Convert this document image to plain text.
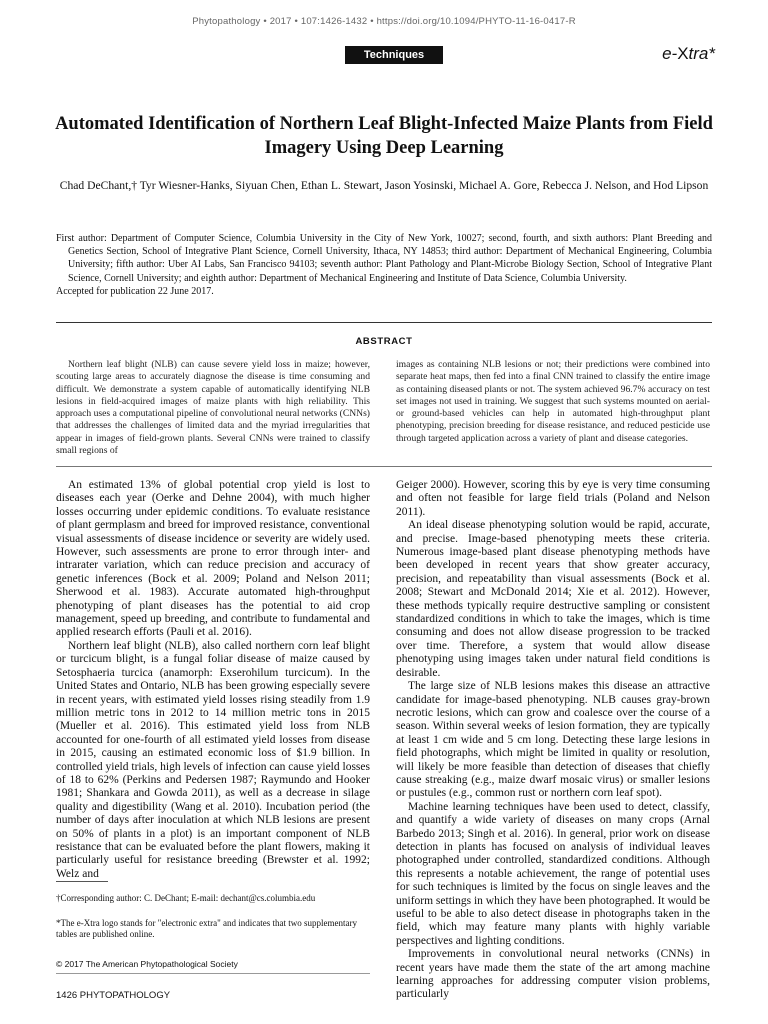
Phytopathology • 2017 • 107:1426-1432 • https://doi.org/10.1094/PHYTO-11-16-0417-R
Techniques	e-Xtra*
Automated Identification of Northern Leaf Blight-Infected Maize Plants from Field Imagery Using Deep Learning
Chad DeChant,† Tyr Wiesner-Hanks, Siyuan Chen, Ethan L. Stewart, Jason Yosinski, Michael A. Gore, Rebecca J. Nelson, and Hod Lipson
First author: Department of Computer Science, Columbia University in the City of New York, 10027; second, fourth, and sixth authors: Plant Breeding and Genetics Section, School of Integrative Plant Science, Cornell University, Ithaca, NY 14853; third author: Department of Mechanical Engineering, Columbia University; fifth author: Uber AI Labs, San Francisco 94103; seventh author: Plant Pathology and Plant-Microbe Biology Section, School of Integrative Plant Science, Cornell University; and eighth author: Department of Mechanical Engineering and Institute of Data Science, Columbia University.
Accepted for publication 22 June 2017.
ABSTRACT
Northern leaf blight (NLB) can cause severe yield loss in maize; however, scouting large areas to accurately diagnose the disease is time consuming and difficult. We demonstrate a system capable of automatically identifying NLB lesions in field-acquired images of maize plants with high reliability. This approach uses a computational pipeline of convolutional neural networks (CNNs) that addresses the challenges of limited data and the myriad irregularities that appear in images of field-grown plants. Several CNNs were trained to classify small regions of
images as containing NLB lesions or not; their predictions were combined into separate heat maps, then fed into a final CNN trained to classify the entire image as containing diseased plants or not. The system achieved 96.7% accuracy on test set images not used in training. We suggest that such systems mounted on aerial- or ground-based vehicles can help in automated high-throughput plant phenotyping, precision breeding for disease resistance, and reduced pesticide use through targeted application across a variety of plant and disease categories.

An estimated 13% of global potential crop yield is lost to diseases each year (Oerke and Dehne 2004), with much higher losses occurring under epidemic conditions. To evaluate resistance of plant germplasm and breed for improved resistance, conventional visual assessments of disease incidence or severity are widely used. However, such assessments are prone to error through inter- and intrarater variation, which can reduce precision and accuracy of genetic inferences (Bock et al. 2009; Poland and Nelson 2011; Sherwood et al. 1983). Accurate automated high-throughput phenotyping of plant diseases has the potential to aid crop management, speed up breeding, and contribute to fundamental and applied research efforts (Pauli et al. 2016).

Northern leaf blight (NLB), also called northern corn leaf blight or turcicum blight, is a fungal foliar disease of maize caused by Setosphaeria turcica (anamorph: Exserohilum turcicum). In the United States and Ontario, NLB has been growing especially severe in recent years, with estimated yield losses rising steadily from 1.9 million metric tons in 2012 to 14 million metric tons in 2015 (Mueller et al. 2016). This estimated yield loss from NLB accounted for one-fourth of all estimated yield losses from disease in 2015, causing an estimated economic loss of $1.9 billion. In controlled yield trials, high levels of infection can cause yield losses of 18 to 62% (Perkins and Pedersen 1987; Raymundo and Hooker 1981; Shankara and Gowda 2011), as well as a decrease in silage quality and digestibility (Wang et al. 2010). Incubation period (the number of days after inoculation at which NLB lesions are present on 50% of plants in a plot) is an important component of NLB resistance that can be evaluated before the plant flowers, making it particularly useful for resistance breeding (Brewster et al. 1992; Welz and

Geiger 2000). However, scoring this by eye is very time consuming and often not feasible for large field trials (Poland and Nelson 2011).

An ideal disease phenotyping solution would be rapid, accurate, and precise. Image-based phenotyping meets these criteria. Numerous image-based plant disease phenotyping methods have been developed in recent years that show greater accuracy, precision, and repeatability than visual assessments (Bock et al. 2008; Stewart and McDonald 2014; Xie et al. 2012). However, these methods typically require destructive sampling or consistent standardized conditions in which to take the images, which is time consuming and does not allow disease progression to be tracked over time. Therefore, a system that would allow disease phenotyping using images taken under natural field conditions is desirable.

The large size of NLB lesions makes this disease an attractive candidate for image-based phenotyping. NLB causes gray-brown necrotic lesions, which can grow and coalesce over the course of a season. Within several weeks of lesion formation, they are typically at least 1 cm wide and 5 cm long. Detecting these large lesions in field photographs, which might be limited in quality or resolution, will likely be more feasible than detection of diseases that chiefly cause streaking (e.g., maize dwarf mosaic virus) or smaller lesions or pustules (e.g., common rust or northern corn leaf spot).

Machine learning techniques have been used to detect, classify, and quantify a wide variety of diseases on many crops (Arnal Barbedo 2013; Singh et al. 2016). In general, prior work on disease detection in plants has focused on analysis of individual leaves photographed under controlled, standardized conditions. Although this represents a notable achievement, the range of potential uses for such techniques is limited by the focus on single leaves and the uniform settings in which they have been photographed. It would be useful to be able to also detect disease in photographs taken in the field, which may feature many plants with highly variable perspectives and lighting conditions.

Improvements in convolutional neural networks (CNNs) in recent years have made them the state of the art among machine learning approaches for addressing computer vision problems, particularly

†Corresponding author: C. DeChant; E-mail: dechant@cs.columbia.edu
*The e-Xtra logo stands for "electronic extra" and indicates that two supplementary tables are published online.
© 2017 The American Phytopathological Society
1426 PHYTOPATHOLOGY
